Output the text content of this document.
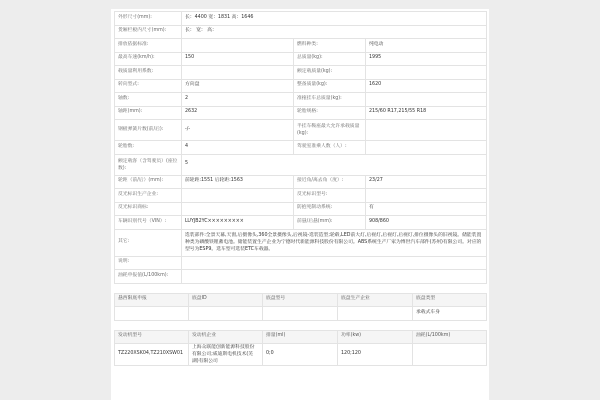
外形尺寸(mm):	长：4400 宽：1831 高：1646		
货厢栏板内尺寸(mm):	长： 宽： 高：		
排放依据标准:		燃料种类:	纯电动
最高车速(km/h):	150	总质量(kg):	1995
载质量利用系数:		额定载质量(kg):	
转向型式:	方向盘	整备质量(kg):	1620
轴数:	2	准拖挂车总质量(kg):	
轴距(mm):	2632	轮胎规格:	215/60 R17,215/55 R18
钢板弹簧片数(前/后):	-/-	半挂车鞍座最大允许承载质量(kg):	
轮胎数:	4	驾驶室准乘人数（人）:	
额定载客（含驾驶员）(座位数):	5		
轮距（前/后）(mm):	前轮距:1551 后轮距:1563	接近角/离去角（度）:	23/27
反光标识生产企业:		反光标识型号:	
反光标识商标:		防抱死制动系统:	有
车辆识别代号（VIN）:	LUYJB2YC×××××××××	前悬/后悬(mm):	908/860
其它:	选装部件:全景天幕,天窗,后摄像头,360全景摄像头,后视镜-选装造型;轮毂,LED前大灯,后视灯,后视灯,后视灯,排位摄像头的旧视镜。储能装置种类为磷酸铁锂蓄电池。储能装置生产企业为宁德时代新能源科技股份有限公司。ABS系统生产厂家为博世汽车部件(苏州)有限公司。对应的型号为ESP9。选车型可选装ETC车载器。		
说明:			
油耗申报值(L/100km):			
悬西限底申报	底盘ID	底盘型号	底盘生产企业	底盘类型
				承载式车身
发动机型号	发动机企业	排量(ml)	功率(kw)	油耗(L/100km)
TZ220XSK04,TZ210XSW01	上海众联能创新能源科技股份有限公司;威迪斯电机技术(芜湖)有限公司	0;0	120;120	
